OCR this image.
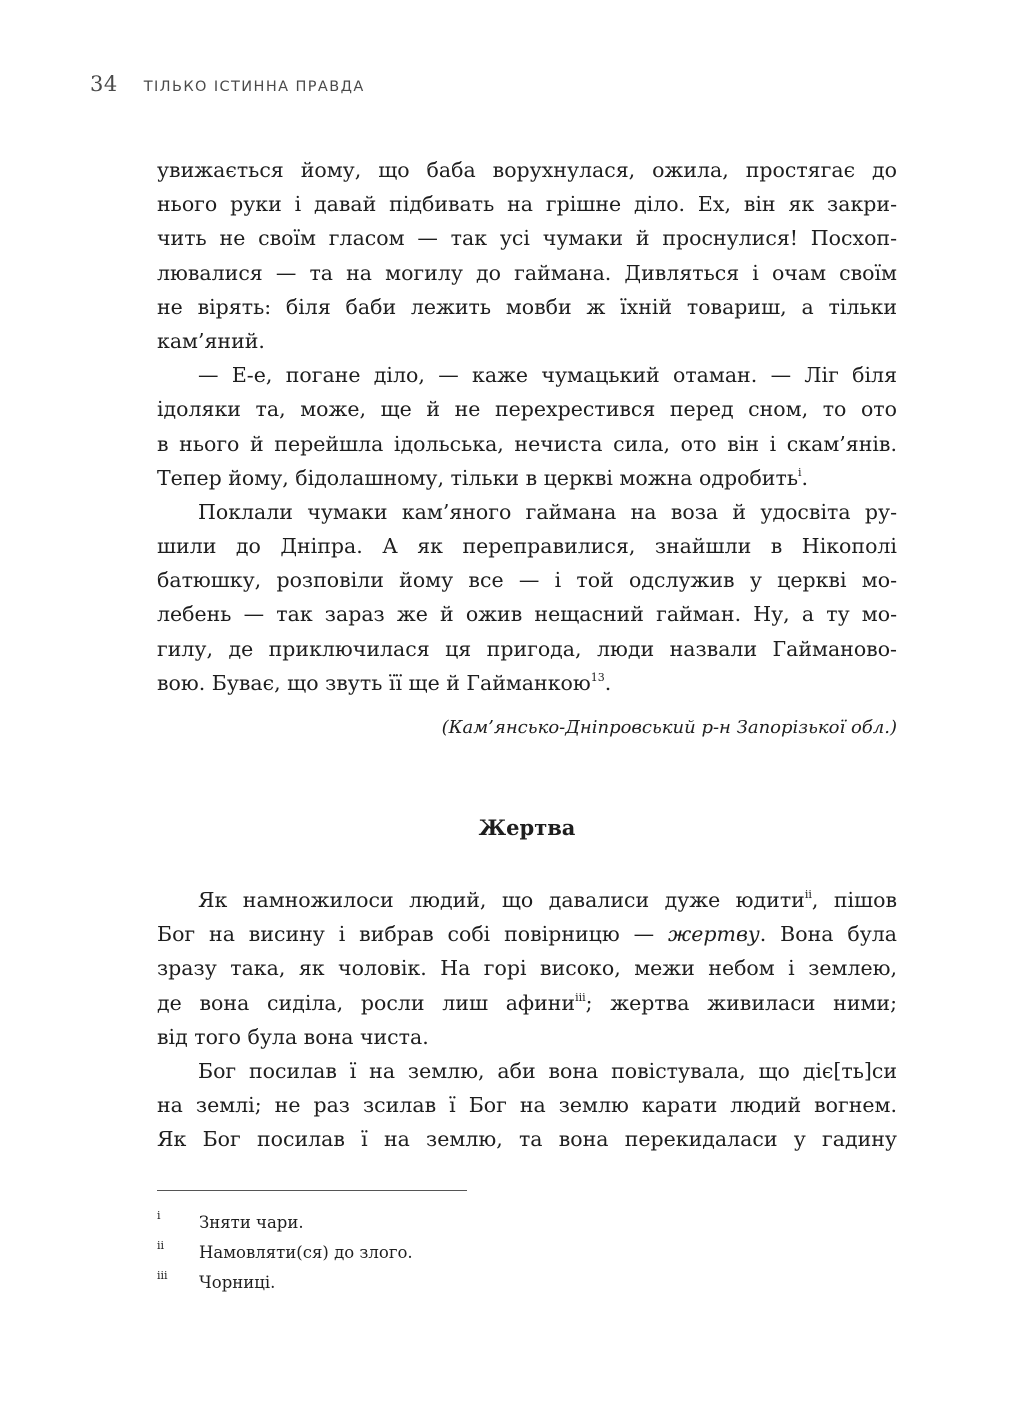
34 ТІЛЬКО ІСТИННА ПРАВДА
увижається йому, що баба ворухнулася, ожила, простягає до
нього руки і давай підбивать на грішне діло. Ех, він як закри-
чить не своїм гласом — так усі чумаки й проснулися! Посхоп-
лювалися — та на могилу до гаймана. Дивляться і очам своїм
не вірять: біля баби лежить мовби ж їхній товариш, а тільки
кам’яний.
— Е-е, погане діло, — каже чумацький отаман. — Ліг біля
ідоляки та, може, ще й не перехрестився перед сном, то ото
в нього й перейшла ідольська, нечиста сила, ото він і скам’янів.
Тепер йому, бідолашному, тільки в церкві можна одробить$^i$.
Поклали чумаки кам’яного гаймана на воза й удосвіта ру-
шили до Дніпра. А як переправилися, знайшли в Нікополі
батюшку, розповіли йому все — і той одслужив у церкві мо-
лебень — так зараз же й ожив нещасний гайман. Ну, а ту мо-
гилу, де приключилася ця пригода, люди назвали Гайманово-
вою. Буває, що звуть її ще й Гайманкою$^{13}$.
(Кам’янсько-Дніпровський р-н Запорізької обл.)
Жертва
Як намножилоси людий, що давалиси дуже юдити$^{ii}$, пішов
Бог на висину і вибрав собі повірницю — жертву. Вона була
зразу така, як чоловік. На горі високо, межи небом і землею,
де вона сиділа, росли лиш афини$^{iii}$; жертва живиласи ними;
від того була вона чиста.
Бог посилав ї на землю, аби вона повістувала, що діє[ть]си
на землі; не раз зсилав ї Бог на землю карати людий вогнем.
Як Бог посилав ї на землю, та вона перекидаласи у гадину
i	Зняти чари.
ii	Намовляти(ся) до злого.
iii	Чорниці.
